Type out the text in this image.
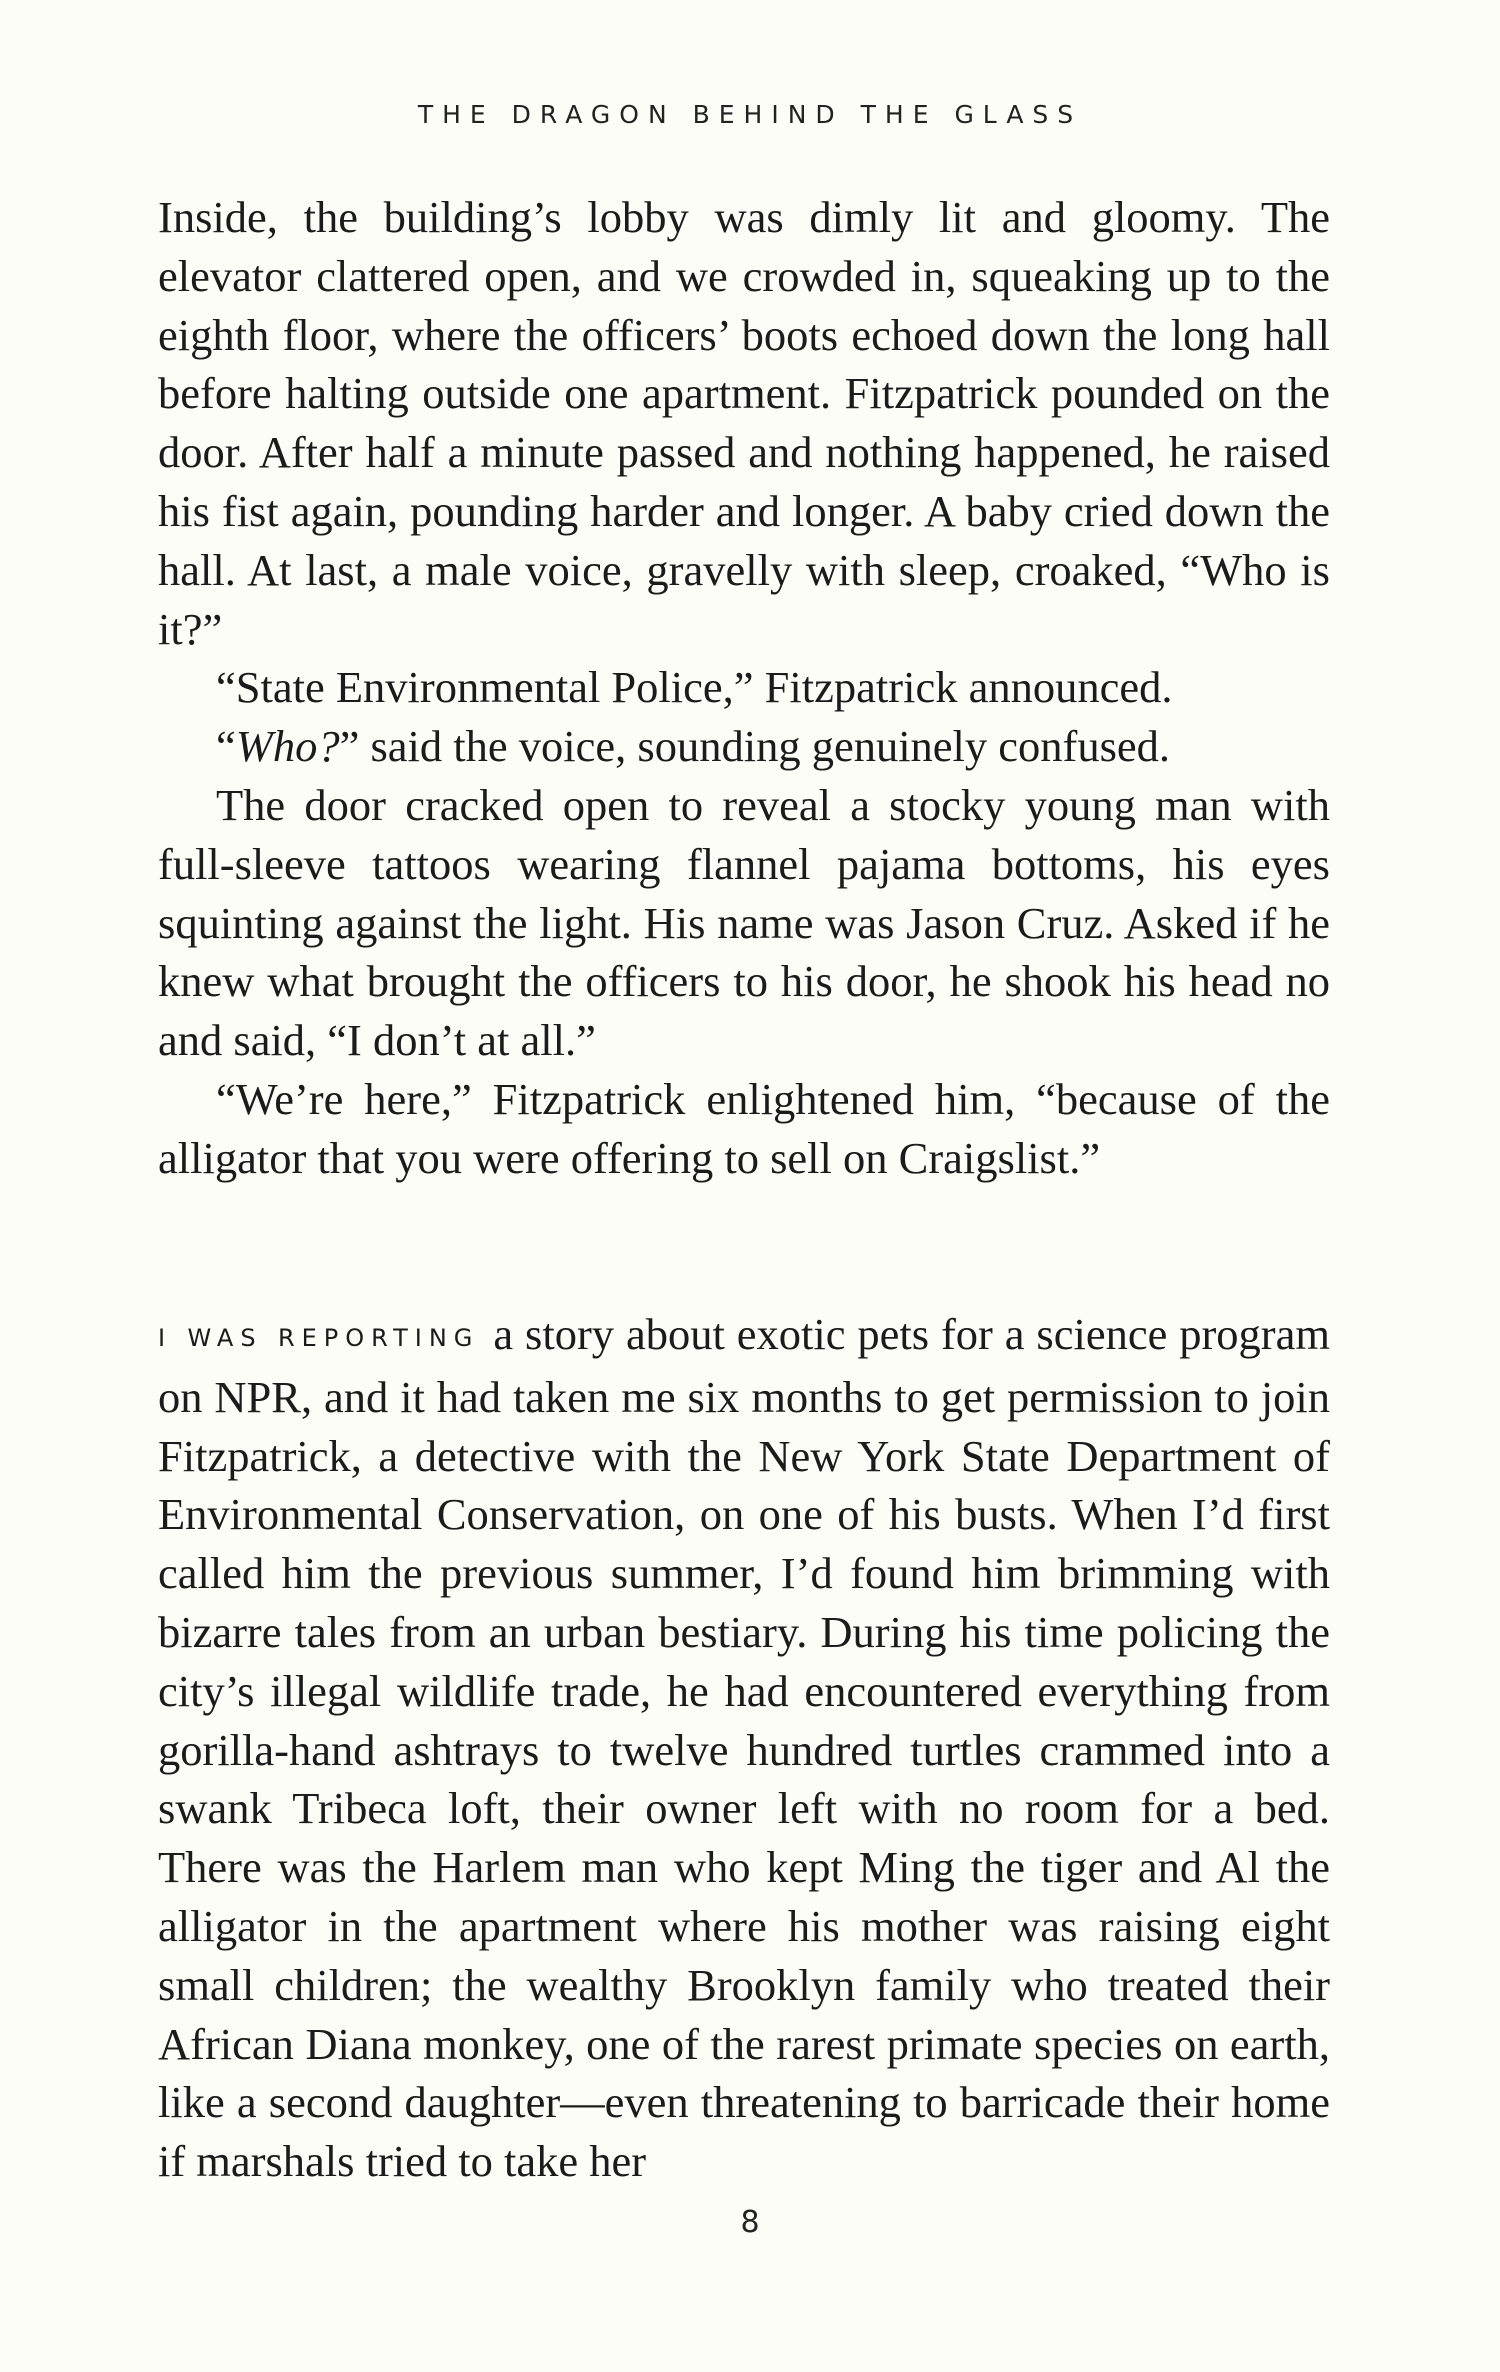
THE DRAGON BEHIND THE GLASS

Inside, the building’s lobby was dimly lit and gloomy. The elevator clattered open, and we crowded in, squeaking up to the eighth floor, where the officers’ boots echoed down the long hall before halting outside one apartment. Fitzpatrick pounded on the door. After half a minute passed and nothing happened, he raised his fist again, pounding harder and longer. A baby cried down the hall. At last, a male voice, gravelly with sleep, croaked, “Who is it?”

“State Environmental Police,” Fitzpatrick announced.

“Who?” said the voice, sounding genuinely confused.

The door cracked open to reveal a stocky young man with full-sleeve tattoos wearing flannel pajama bottoms, his eyes squinting against the light. His name was Jason Cruz. Asked if he knew what brought the officers to his door, he shook his head no and said, “I don’t at all.”

“We’re here,” Fitzpatrick enlightened him, “because of the alligator that you were offering to sell on Craigslist.”

I WAS REPORTING a story about exotic pets for a science program on NPR, and it had taken me six months to get permission to join Fitzpatrick, a detective with the New York State Department of Environmental Conservation, on one of his busts. When I’d first called him the previous summer, I’d found him brimming with bizarre tales from an urban bestiary. During his time policing the city’s illegal wildlife trade, he had encountered everything from gorilla-hand ashtrays to twelve hundred turtles crammed into a swank Tribeca loft, their owner left with no room for a bed. There was the Harlem man who kept Ming the tiger and Al the alligator in the apartment where his mother was raising eight small children; the wealthy Brooklyn family who treated their African Diana monkey, one of the rarest primate species on earth, like a second daughter—even threatening to barricade their home if marshals tried to take her

8
